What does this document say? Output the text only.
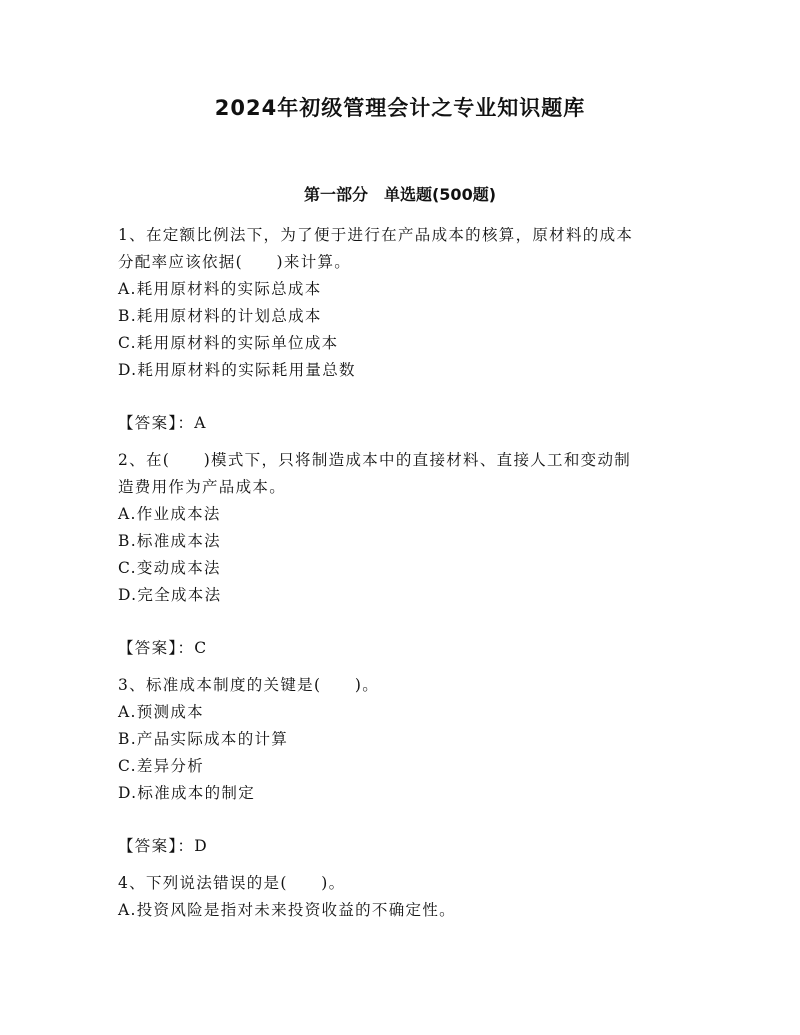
2024年初级管理会计之专业知识题库
第一部分　单选题(500题)
1、在定额比例法下，为了便于进行在产品成本的核算，原材料的成本
分配率应该依据(　　)来计算。
A.耗用原材料的实际总成本
B.耗用原材料的计划总成本
C.耗用原材料的实际单位成本
D.耗用原材料的实际耗用量总数
【答案】：A
2、在(　　)模式下，只将制造成本中的直接材料、直接人工和变动制
造费用作为产品成本。
A.作业成本法
B.标准成本法
C.变动成本法
D.完全成本法
【答案】：C
3、标准成本制度的关键是(　　)。
A.预测成本
B.产品实际成本的计算
C.差异分析
D.标准成本的制定
【答案】：D
4、下列说法错误的是(　　)。
A.投资风险是指对未来投资收益的不确定性。
